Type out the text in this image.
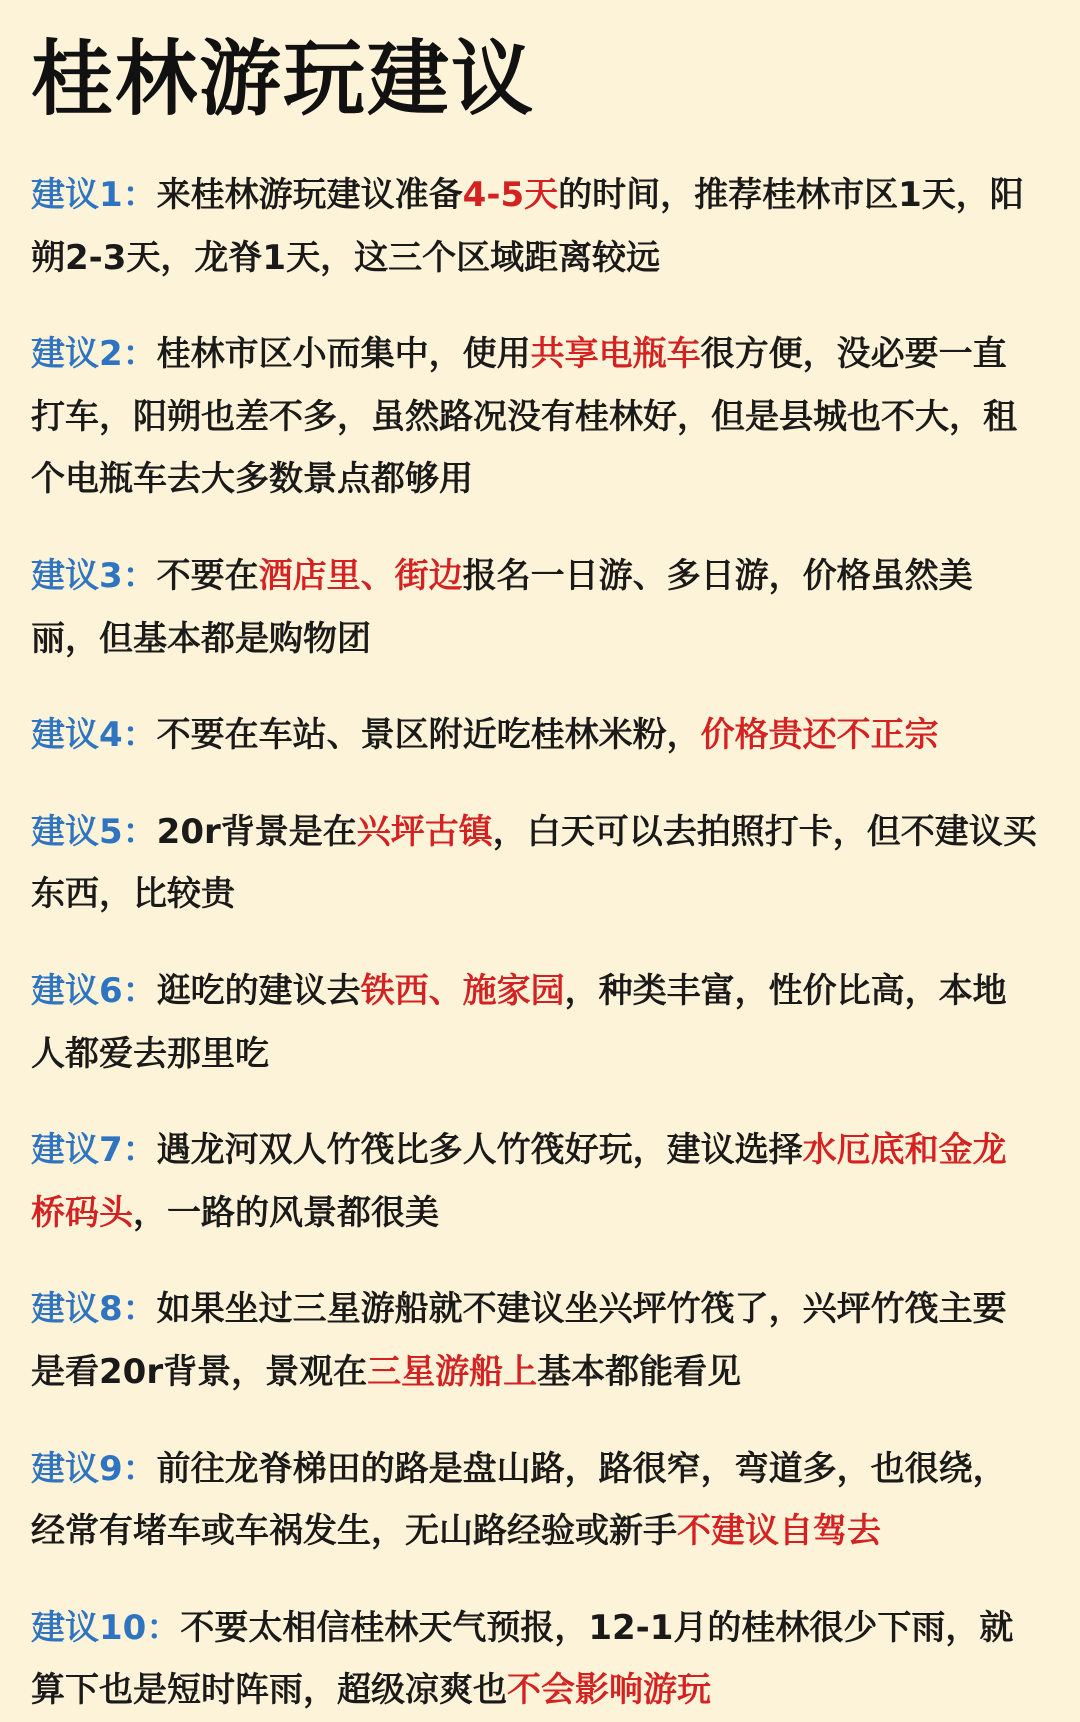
桂林游玩建议

建议1：来桂林游玩建议准备4-5天的时间，推荐桂林市区1天，阳朔2-3天，龙脊1天，这三个区域距离较远

建议2：桂林市区小而集中，使用共享电瓶车很方便，没必要一直打车，阳朔也差不多，虽然路况没有桂林好，但是县城也不大，租个电瓶车去大多数景点都够用

建议3：不要在酒店里、街边报名一日游、多日游，价格虽然美丽，但基本都是购物团

建议4：不要在车站、景区附近吃桂林米粉，价格贵还不正宗

建议5：20r背景是在兴坪古镇，白天可以去拍照打卡，但不建议买东西，比较贵

建议6：逛吃的建议去铁西、施家园，种类丰富，性价比高，本地人都爱去那里吃

建议7：遇龙河双人竹筏比多人竹筏好玩，建议选择水厄底和金龙桥码头，一路的风景都很美

建议8：如果坐过三星游船就不建议坐兴坪竹筏了，兴坪竹筏主要是看20r背景，景观在三星游船上基本都能看见

建议9：前往龙脊梯田的路是盘山路，路很窄，弯道多，也很绕，经常有堵车或车祸发生，无山路经验或新手不建议自驾去

建议10：不要太相信桂林天气预报，12-1月的桂林很少下雨，就算下也是短时阵雨，超级凉爽也不会影响游玩
